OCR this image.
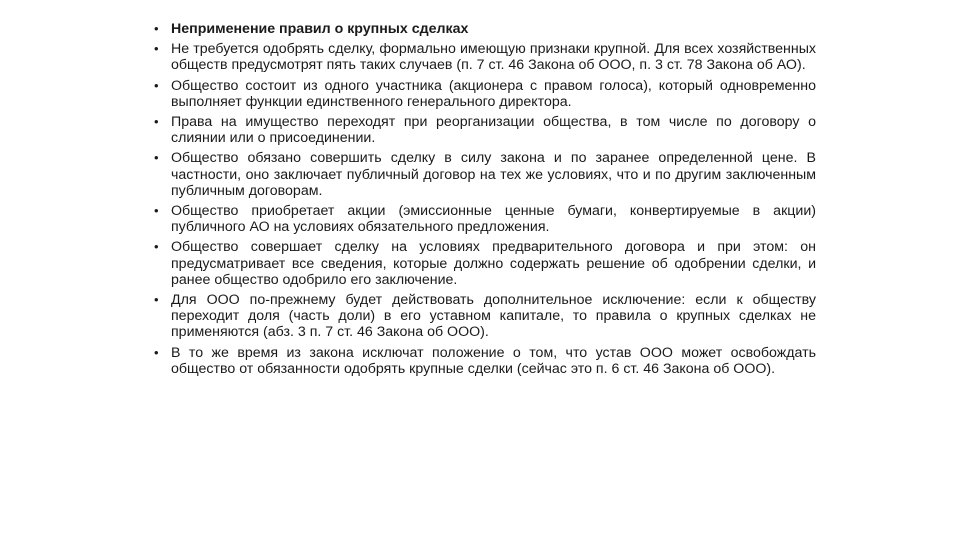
• Неприменение правил о крупных сделках
• Не требуется одобрять сделку, формально имеющую признаки крупной. Для всех хозяйственных обществ предусмотрят пять таких случаев (п. 7 ст. 46 Закона об ООО, п. 3 ст. 78 Закона об АО).
• Общество состоит из одного участника (акционера с правом голоса), который одновременно выполняет функции единственного генерального директора.
• Права на имущество переходят при реорганизации общества, в том числе по договору о слиянии или о присоединении.
• Общество обязано совершить сделку в силу закона и по заранее определенной цене. В частности, оно заключает публичный договор на тех же условиях, что и по другим заключенным публичным договорам.
• Общество приобретает акции (эмиссионные ценные бумаги, конвертируемые в акции) публичного АО на условиях обязательного предложения.
• Общество совершает сделку на условиях предварительного договора и при этом: он предусматривает все сведения, которые должно содержать решение об одобрении сделки, и ранее общество одобрило его заключение.
• Для ООО по-прежнему будет действовать дополнительное исключение: если к обществу переходит доля (часть доли) в его уставном капитале, то правила о крупных сделках не применяются (абз. 3 п. 7 ст. 46 Закона об ООО).
• В то же время из закона исключат положение о том, что устав ООО может освобождать общество от обязанности одобрять крупные сделки (сейчас это п. 6 ст. 46 Закона об ООО).
